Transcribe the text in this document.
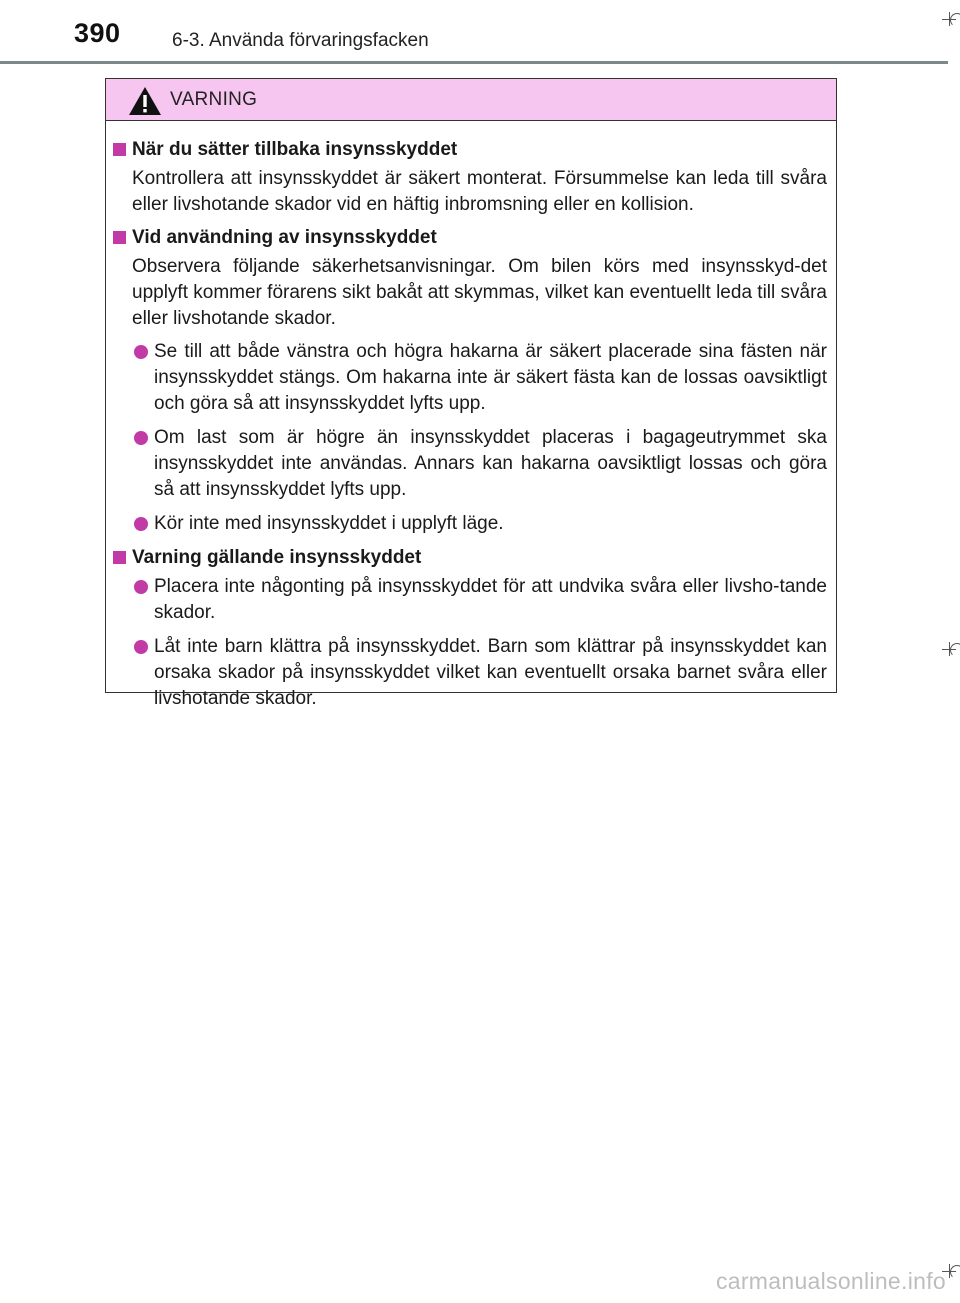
390	6-3. Använda förvaringsfacken
VARNING
När du sätter tillbaka insynsskyddet
Kontrollera att insynsskyddet är säkert monterat. Försummelse kan leda till svåra eller livshotande skador vid en häftig inbromsning eller en kollision.
Vid användning av insynsskyddet
Observera följande säkerhetsanvisningar. Om bilen körs med insynsskyd-det upplyft kommer förarens sikt bakåt att skymmas, vilket kan eventuellt leda till svåra eller livshotande skador.
Se till att både vänstra och högra hakarna är säkert placerade sina fästen när insynsskyddet stängs. Om hakarna inte är säkert fästa kan de lossas oavsiktligt och göra så att insynsskyddet lyfts upp.
Om last som är högre än insynsskyddet placeras i bagageutrymmet ska insynsskyddet inte användas. Annars kan hakarna oavsiktligt lossas och göra så att insynsskyddet lyfts upp.
Kör inte med insynsskyddet i upplyft läge.
Varning gällande insynsskyddet
Placera inte någonting på insynsskyddet för att undvika svåra eller livsho-tande skador.
Låt inte barn klättra på insynsskyddet. Barn som klättrar på insynsskyddet kan orsaka skador på insynsskyddet vilket kan eventuellt orsaka barnet svåra eller livshotande skador.
carmanualsonline.info
